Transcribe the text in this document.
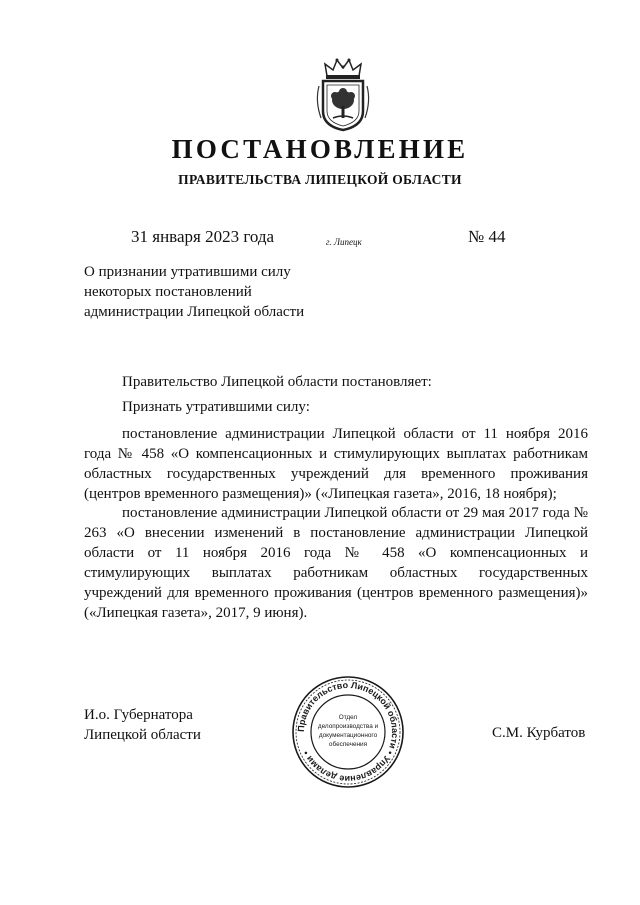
ПОСТАНОВЛЕНИЕ
ПРАВИТЕЛЬСТВА ЛИПЕЦКОЙ ОБЛАСТИ
31 января 2023 года	г. Липецк	№ 44
О признании утратившими силу
некоторых постановлений
администрации Липецкой области
Правительство Липецкой области постановляет:
Признать утратившими силу:
постановление администрации Липецкой области от 11 ноября 2016 года № 458 «О компенсационных и стимулирующих выплатах работникам областных государственных учреждений для временного проживания (центров временного размещения)» («Липецкая газета», 2016, 18 ноября);
постановление администрации Липецкой области от 29 мая 2017 года № 263 «О внесении изменений в постановление администрации Липецкой области от 11 ноября 2016 года № 458 «О компенсационных и стимулирующих выплатах работникам областных государственных учреждений для временного проживания (центров временного размещения)» («Липецкая газета», 2017, 9 июня).
И.о. Губернатора
Липецкой области	С.М. Курбатов
Правительство Липецкой области • Управление делами •
Отдел
делопроизводства и
документационного
обеспечения
